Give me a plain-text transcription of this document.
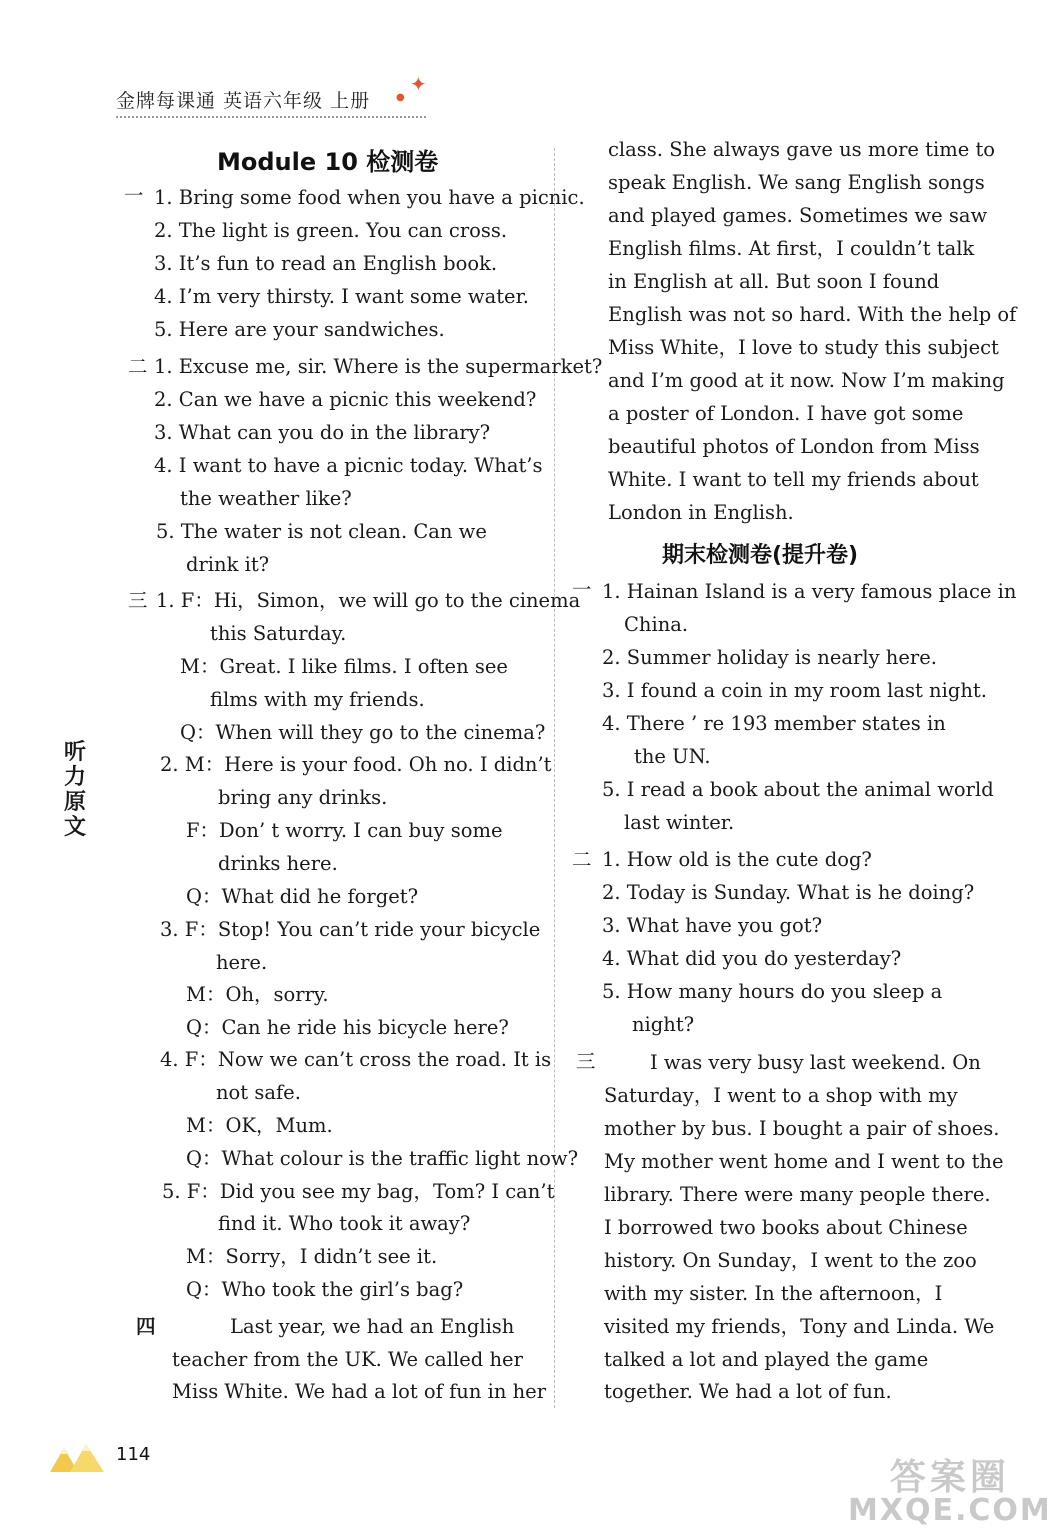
金牌每课通 英语六年级 上册	●
✦
听力原文
Module 10 检测卷
一 1. Bring some food when you have a picnic.
2. The light is green. You can cross.
3. It’s fun to read an English book.
4. I’m very thirsty. I want some water.
5. Here are your sandwiches.
二 1. Excuse me, sir. Where is the supermarket?
2. Can we have a picnic this weekend?
3. What can you do in the library?
4. I want to have a picnic today. What’s
the weather like?
5. The water is not clean. Can we
drink it?
三 1. F：Hi，Simon，we will go to the cinema
this Saturday.
M：Great. I like films. I often see
films with my friends.
Q：When will they go to the cinema?
2. M：Here is your food. Oh no. I didn’t
bring any drinks.
F：Don’ t worry. I can buy some
drinks here.
Q：What did he forget?
3. F：Stop! You can’t ride your bicycle
here.
M：Oh，sorry.
Q：Can he ride his bicycle here?
4. F：Now we can’t cross the road. It is
not safe.
M：OK，Mum.
Q：What colour is the traffic light now?
5. F：Did you see my bag，Tom? I can’t
find it. Who took it away?
M：Sorry，I didn’t see it.
Q：Who took the girl’s bag?
四	Last year, we had an English
teacher from the UK. We called her
Miss White. We had a lot of fun in her
class. She always gave us more time to
speak English. We sang English songs
and played games. Sometimes we saw
English films. At first，I couldn’t talk
in English at all. But soon I found
English was not so hard. With the help of
Miss White，I love to study this subject
and I’m good at it now. Now I’m making
a poster of London. I have got some
beautiful photos of London from Miss
White. I want to tell my friends about
London in English.
期末检测卷(提升卷)
一 1. Hainan Island is a very famous place in
China.
2. Summer holiday is nearly here.
3. I found a coin in my room last night.
4. There ’ re 193 member states in
the UN.
5. I read a book about the animal world
last winter.
二 1. How old is the cute dog?
2. Today is Sunday. What is he doing?
3. What have you got?
4. What did you do yesterday?
5. How many hours do you sleep a
night?
三	I was very busy last weekend. On
Saturday，I went to a shop with my
mother by bus. I bought a pair of shoes.
My mother went home and I went to the
library. There were many people there.
I borrowed two books about Chinese
history. On Sunday，I went to the zoo
with my sister. In the afternoon，I
visited my friends，Tony and Linda. We
talked a lot and played the game
together. We had a lot of fun.
114
答案圈
MXQE.COM
